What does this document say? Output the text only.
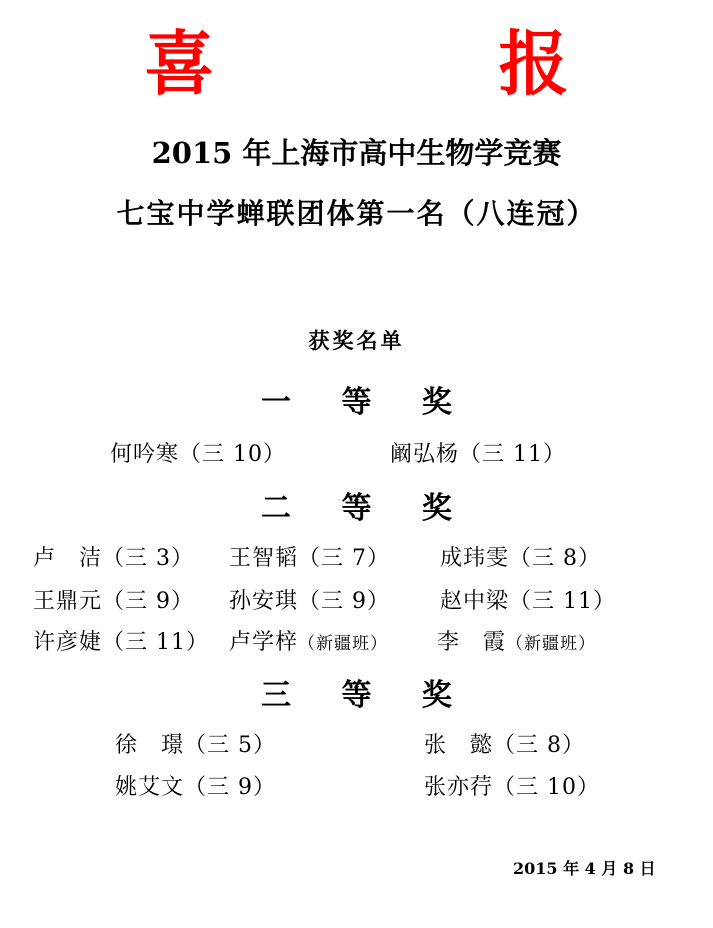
喜 报
2015 年上海市高中生物学竞赛
七宝中学蝉联团体第一名（八连冠）
获奖名单
一 等 奖
何吟寒（三 10）	阚弘杨（三 11）
二 等 奖
卢　洁（三 3） 王智韬（三 7） 成玮雯（三 8）
王鼎元（三 9） 孙安琪（三 9） 赵中梁（三 11）
许彦婕（三 11） 卢学梓（新疆班） 李　霞（新疆班）
三 等 奖
徐　璟（三 5）	张　懿（三 8）
姚艾文（三 9）	张亦荇（三 10）
2015 年 4 月 8 日
